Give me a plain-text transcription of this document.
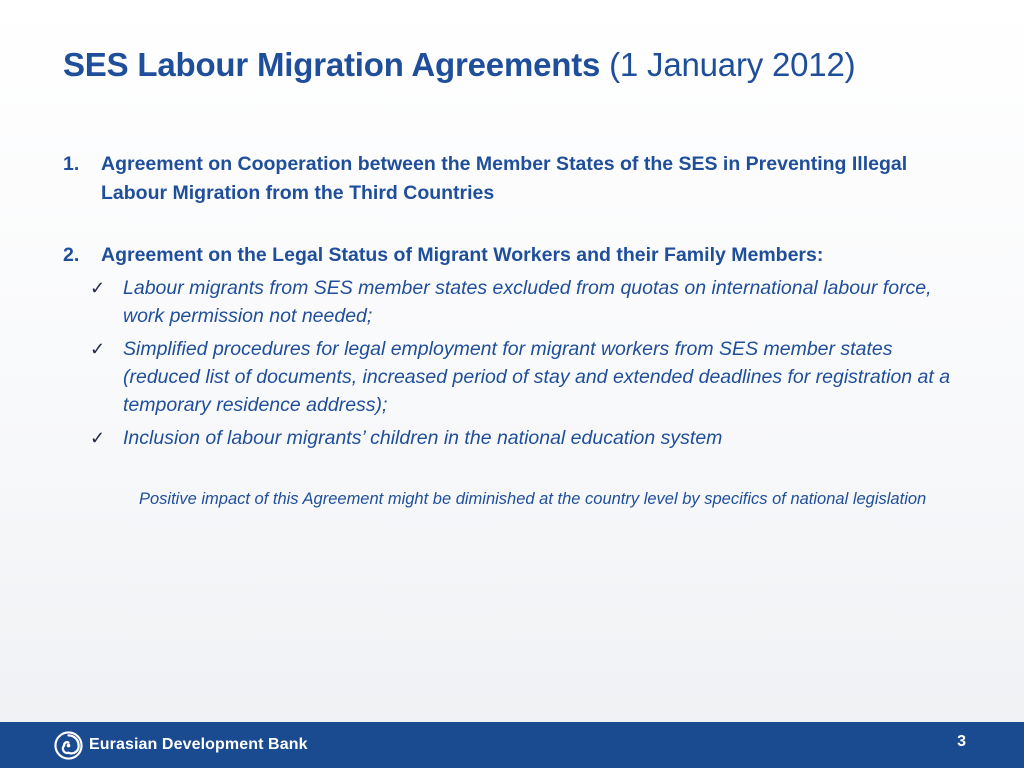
SES Labour Migration Agreements (1 January 2012)
1. Agreement on Cooperation between the Member States of the SES in Preventing Illegal Labour Migration from the Third Countries
2. Agreement on the Legal Status of Migrant Workers and their Family Members:
✓ Labour migrants from SES member states excluded from quotas on international labour force, work permission not needed;
✓ Simplified procedures for legal employment for migrant workers from SES member states (reduced list of documents, increased period of stay and extended deadlines for registration at a temporary residence address);
✓ Inclusion of labour migrants’ children in the national education system
Positive impact of this Agreement might be diminished at the country level by specifics of national legislation
Eurasian Development Bank	3
